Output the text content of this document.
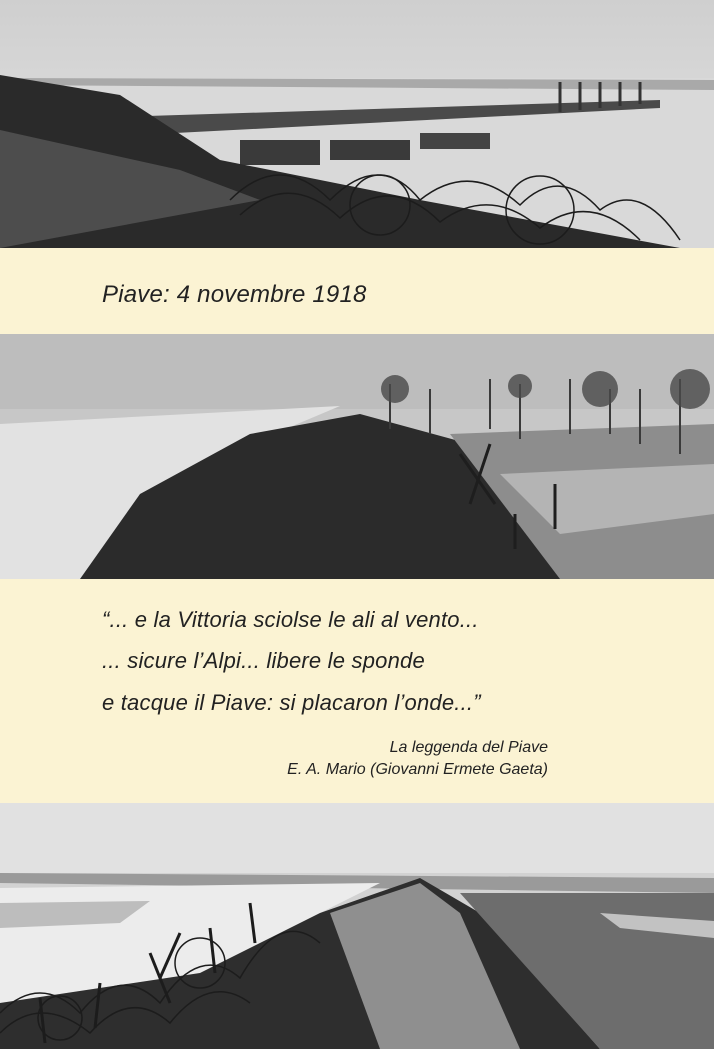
Piave: 4 novembre 1918
“... e la Vittoria sciolse le ali al vento...
... sicure l’Alpi... libere le sponde
e tacque il Piave: si placaron l’onde...”
La leggenda del Piave
E. A. Mario (Giovanni Ermete Gaeta)
